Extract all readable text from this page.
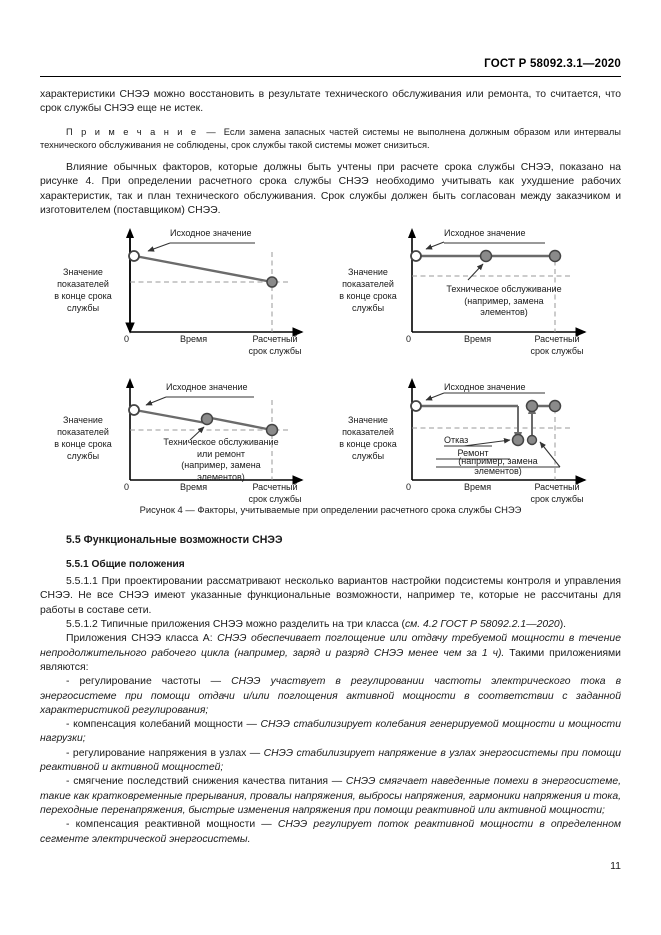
ГОСТ Р 58092.3.1—2020

характеристики СНЭЭ можно восстановить в результате технического обслуживания или ремонта, то считается, что срок службы СНЭЭ еще не истек.

П р и м е ч а н и е — Если замена запасных частей системы не выполнена должным образом или интервалы технического обслуживания не соблюдены, срок службы такой системы может снизиться.

Влияние обычных факторов, которые должны быть учтены при расчете срока службы СНЭЭ, показано на рисунке 4. При определении расчетного срока службы СНЭЭ необходимо учитывать как ухудшение рабочих характеристик, так и план технического обслуживания. Срок службы должен быть согласован между заказчиком и изготовителем (поставщиком) СНЭЭ.

Исходное значение
Значение
показателей
в конце срока
службы
0	Время	Расчетный
срок службы
Исходное значение
Значение
показателей
в конце срока
службы
Техническое обслуживание
(например, замена
элементов)
0	Время	Расчетный
срок службы
Исходное значение
Значение
показателей
в конце срока
службы
Техническое обслуживание
или ремонт
(например, замена
элементов)
0	Время	Расчетный
срок службы
Исходное значение
Значение
показателей
в конце срока
службы
Отказ
Ремонт
(например, замена элементов)
0	Время	Расчетный
срок службы
Рисунок 4 — Факторы, учитываемые при определении расчетного срока службы СНЭЭ
5.5 Функциональные возможности СНЭЭ
5.5.1 Общие положения

5.5.1.1 При проектировании рассматривают несколько вариантов настройки подсистемы контроля и управления СНЭЭ. Не все СНЭЭ имеют указанные функциональные возможности, например те, которые не рассчитаны для работы в составе сети.

5.5.1.2 Типичные приложения СНЭЭ можно разделить на три класса (см. 4.2 ГОСТ Р 58092.2.1—2020).

Приложения СНЭЭ класса А: СНЭЭ обеспечивает поглощение или отдачу требуемой мощности в течение непродолжительного рабочего цикла (например, заряд и разряд СНЭЭ менее чем за 1 ч). Такими приложениями являются:

- регулирование частоты — СНЭЭ участвует в регулировании частоты электрического тока в энергосистеме при помощи отдачи и/или поглощения активной мощности в соответствии с заданной характеристикой регулирования;

- компенсация колебаний мощности — СНЭЭ стабилизирует колебания генерируемой мощности и мощности нагрузки;

- регулирование напряжения в узлах — СНЭЭ стабилизирует напряжение в узлах энергосистемы при помощи реактивной и активной мощностей;

- смягчение последствий снижения качества питания — СНЭЭ смягчает наведенные помехи в энергосистеме, такие как кратковременные прерывания, провалы напряжения, выбросы напряжения, гармоники напряжения и тока, переходные перенапряжения, быстрые изменения напряжения при помощи реактивной или активной мощности;

- компенсация реактивной мощности — СНЭЭ регулирует поток реактивной мощности в определенном сегменте электрической энергосистемы.

11
